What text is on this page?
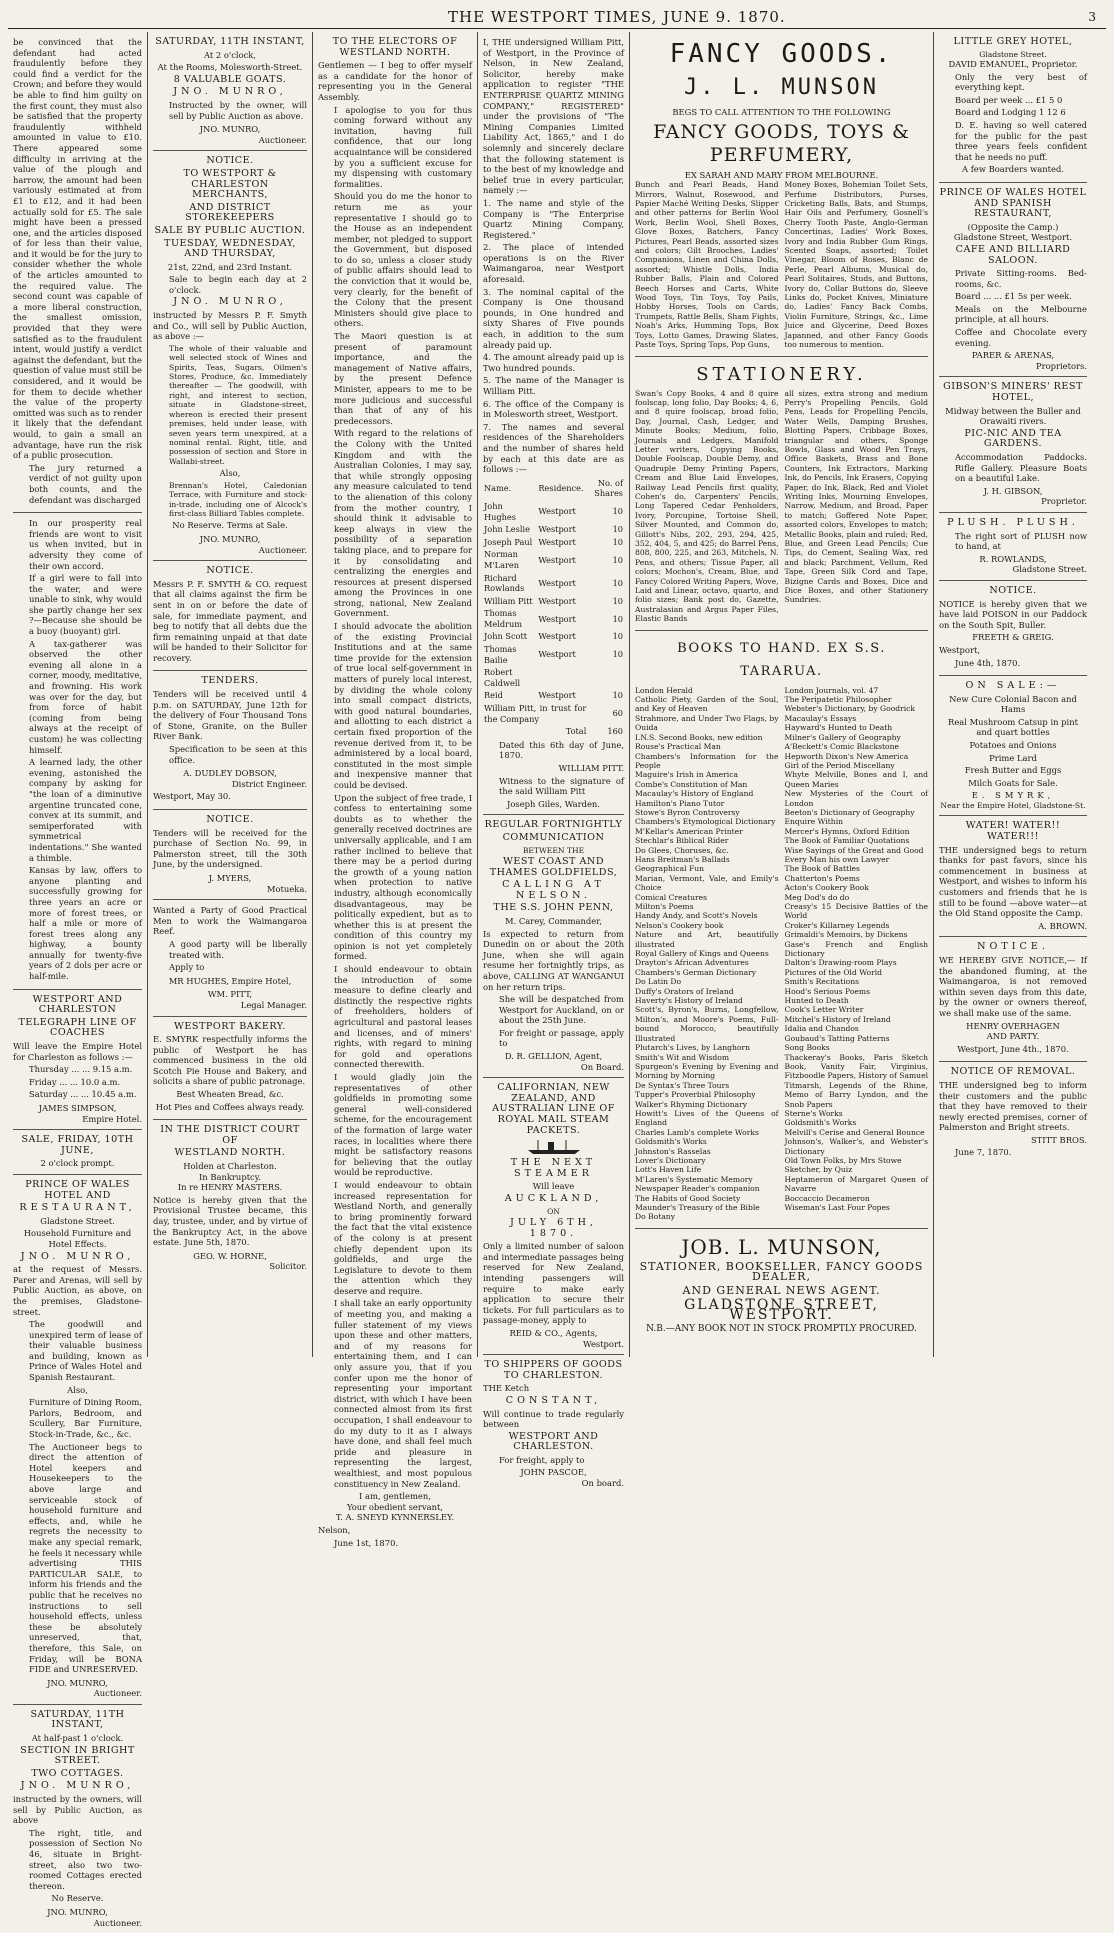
THE WESTPORT TIMES, JUNE 9. 1870.	3

be convinced that the defendant had acted fraudulently before they could find a verdict for the Crown; and before they would be able to find him guilty on the first count, they must also be satisfied that the property fraudulently withheld amounted in value to £10. There appeared some difficulty in arriving at the value of the plough and harrow, the amount had been variously estimated at from £1 to £12, and it had been actually sold for £5. The sale might have been a pressed one, and the articles disposed of for less than their value, and it would be for the jury to consider whether the whole of the articles amounted to the required value. The second count was capable of a more liberal construction, the smallest omission, provided that they were satisfied as to the fraudulent intent, would justify a verdict against the defendant, but the question of value must still be considered, and it would be for them to decide whether the value of the property omitted was such as to render it likely that the defendant would, to gain a small an advantage, have run the risk of a public prosecution.

The jury returned a verdict of not guilty upon both counts, and the defendant was discharged

In our prosperity real friends are wont to visit us when invited, but in adversity they come of their own accord.

If a girl were to fall into the water, and were unable to sink, why would she partly change her sex ?—Because she should be a buoy (buoyant) girl.

A tax-gatherer was observed the other evening all alone in a corner, moody, meditative, and frowning. His work was over for the day, but from force of habit (coming from being always at the receipt of custom) he was collecting himself.

A learned lady, the other evening, astonished the company by asking for "the loan of a diminutive argentine truncated cone, convex at its summit, and semiperforated with symmetrical indentations." She wanted a thimble.

Kansas by law, offers to anyone planting and successfully growing for three years an acre or more of forest trees, or half a mile or more of forest trees along any highway, a bounty annually for twenty-five years of 2 dols per acre or half-mile.

WESTPORT AND CHARLESTON
TELEGRAPH LINE OF COACHES

Will leave the Empire Hotel for Charleston as follows :—

Thursday ... ... 9.15 a.m.

Friday ... ... 10.0 a.m.

Saturday ... ... 10.45 a.m.

JAMES SIMPSON,
Empire Hotel.
SALE, FRIDAY, 10TH JUNE,
2 o'clock prompt.
PRINCE OF WALES HOTEL AND
RESTAURANT,
Gladstone Street.

Household Furniture and Hotel Effects.

JNO. MUNRO,

at the request of Messrs. Parer and Arenas, will sell by Public Auction, as above, on the premises, Gladstone-street.

The goodwill and unexpired term of lease of their valuable business and building, known as Prince of Wales Hotel and Spanish Restaurant.

Also,

Furniture of Dining Room, Parlors, Bedroom, and Scullery, Bar Furniture, Stock-in-Trade, &c., &c.

The Auctioneer begs to direct the attention of Hotel keepers and Housekeepers to the above large and serviceable stock of household furniture and effects, and, while he regrets the necessity to make any special remark, he feels it necessary while advertising THIS PARTICULAR SALE, to inform his friends and the public that he receives no instructions to sell household effects, unless these be absolutely unreserved, that, therefore, this Sale, on Friday, will be BONA FIDE and UNRESERVED.

JNO. MUNRO,
Auctioneer.
SATURDAY, 11TH INSTANT,
At half-past 1 o'clock.
SECTION IN BRIGHT STREET.
TWO COTTAGES.
JNO. MUNRO,

instructed by the owners, will sell by Public Auction, as above

The right, title, and possession of Section No 46, situate in Bright-street, also two two-roomed Cottages erected thereon.

No Reserve.
JNO. MUNRO,
Auctioneer.
SATURDAY, 11TH INSTANT,
At 2 o'clock,

At the Rooms, Molesworth-Street.

8 VALUABLE GOATS.
JNO. MUNRO,

Instructed by the owner, will sell by Public Auction as above.

JNO. MUNRO,
Auctioneer.
NOTICE.
TO WESTPORT & CHARLESTON MERCHANTS,
AND DISTRICT STOREKEEPERS
SALE BY PUBLIC AUCTION.
TUESDAY, WEDNESDAY, AND THURSDAY,
21st, 22nd, and 23rd Instant.

Sale to begin each day at 2 o'clock.

JNO. MUNRO,

instructed by Messrs P. F. Smyth and Co., will sell by Public Auction, as above :—

The whole of their valuable and well selected stock of Wines and Spirits, Teas, Sugars, Oilmen's Stores, Produce, &c. Immediately thereafter — The goodwill, with right, and interest to section, situate in Gladstone-street, whereon is erected their present premises, held under lease, with seven years term unexpired, at a nominal rental. Right, title, and possession of section and Store in Wallabi-street.

Also,

Brennan's Hotel, Caledonian Terrace, with Furniture and stock-in-trade, including one of Alcock's first-class Billiard Tables complete.

No Reserve. Terms at Sale.

JNO. MUNRO,
Auctioneer.
NOTICE.

Messrs P. F. SMYTH & CO. request that all claims against the firm be sent in on or before the date of sale, for immediate payment, and beg to notify that all debts due the firm remaining unpaid at that date will be handed to their Solicitor for recovery.

TENDERS.

Tenders will be received until 4 p.m. on SATURDAY, June 12th for the delivery of Four Thousand Tons of Stone, Granite, on the Buller River Bank.

Specification to be seen at this office.

A. DUDLEY DOBSON,
District Engineer.

Westport, May 30.

NOTICE.

Tenders will be received for the purchase of Section No. 99, in Palmerston street, till the 30th June, by the undersigned.

J. MYERS,
Motueka.

Wanted a Party of Good Practical Men to work the Waimangaroa Reef.

A good party will be liberally treated with.

Apply to

MR HUGHES, Empire Hotel,
WM. PITT,
Legal Manager.
WESTPORT BAKERY.

E. SMYRK respectfully informs the public of Westport he has commenced business in the old Scotch Pie House and Bakery, and solicits a share of public patronage.

Best Wheaten Bread, &c.

Hot Pies and Coffees always ready.

IN THE DISTRICT COURT OF
WESTLAND NORTH.
Holden at Charleston.
In Bankruptcy.
In re HENRY MASTERS.

Notice is hereby given that the Provisional Trustee became, this day, trustee, under, and by virtue of the Bankruptcy Act, in the above estate. June 5th, 1870.

GEO. W. HORNE,
Solicitor.
TO THE ELECTORS OF WESTLAND NORTH.

Gentlemen — I beg to offer myself as a candidate for the honor of representing you in the General Assembly.

I apologise to you for thus coming forward without any invitation, having full confidence, that our long acquaintance will be considered by you a sufficient excuse for my dispensing with customary formalities.

Should you do me the honor to return me as your representative I should go to the House as an independent member, not pledged to support the Government, but disposed to do so, unless a closer study of public affairs should lead to the conviction that it would be, very clearly, for the benefit of the Colony that the present Ministers should give place to others.

The Maori question is at present of paramount importance, and the management of Native affairs, by the present Defence Minister, appears to me to be more judicious and successful than that of any of his predecessors.

With regard to the relations of the Colony with the United Kingdom and with the Australian Colonies, I may say, that while strongly opposing any measure calculated to tend to the alienation of this colony from the mother country, I should think it advisable to keep always in view the possibility of a separation taking place, and to prepare for it by consolidating and centralizing the energies and resources at present dispersed among the Provinces in one strong, national, New Zealand Government.

I should advocate the abolition of the existing Provincial Institutions and at the same time provide for the extension of true local self-government in matters of purely local interest, by dividing the whole colony into small compact districts, with good natural boundaries, and allotting to each district a certain fixed proportion of the revenue derived from it, to be administered by a local board, constituted in the most simple and inexpensive manner that could be devised.

Upon the subject of free trade, I confess to entertaining some doubts as to whether the generally received doctrines are universally applicable, and I am rather inclined to believe that there may be a period during the growth of a young nation when protection to native industry, although economically disadvantageous, may be politically expedient, but as to whether this is at present the condition of this country my opinion is not yet completely formed.

I should endeavour to obtain the introduction of some measure to define clearly and distinctly the respective rights of freeholders, holders of agricultural and pastoral leases and licenses, and of miners' rights, with regard to mining for gold and operations connected therewith.

I would gladly join the representatives of other goldfields in promoting some general well-considered scheme, for the encouragement of the formation of large water races, in localities where there might be satisfactory reasons for believing that the outlay would be reproductive.

I would endeavour to obtain increased representation for Westland North, and generally to bring prominently forward the fact that the vital existence of the colony is at present chiefly dependent upon its goldfields, and urge the Legislature to devote to them the attention which they deserve and require.

I shall take an early opportunity of meeting you, and making a fuller statement of my views upon these and other matters, and of my reasons for entertaining them, and I can only assure you, that if you confer upon me the honor of representing your important district, with which I have been connected almost from its first occupation, I shall endeavour to do my duty to it as I always have done, and shall feel much pride and pleasure in representing the largest, wealthiest, and most populous constituency in New Zealand.

I am, gentlemen,
Your obedient servant,
T. A. SNEYD KYNNERSLEY.

Nelson,

June 1st, 1870.

I, THE undersigned William Pitt, of Westport, in the Province of Nelson, in New Zealand, Solicitor, hereby make application to register "THE ENTERPRISE QUARTZ MINING COMPANY," REGISTERED" under the provisions of "The Mining Companies Limited Liability Act, 1865," and I do solemnly and sincerely declare that the following statement is to the best of my knowledge and belief true in every particular, namely :—

1. The name and style of the Company is "The Enterprise Quartz Mining Company, Registered."

2. The place of intended operations is on the River Waimangaroa, near Westport aforesaid.

3. The nominal capital of the Company is One thousand pounds, in One hundred and sixty Shares of Five pounds each, in addition to the sum already paid up.

4. The amount already paid up is Two hundred pounds.

5. The name of the Manager is William Pitt.

6. The office of the Company is in Molesworth street, Westport.

7. The names and several residences of the Shareholders and the number of shares held by each at this date are as follows :—

Name.	Residence.	No. of Shares
John Hughes	Westport	10
John Leslie	Westport	10
Joseph Paul	Westport	10
Norman M'Laren	Westport	10
Richard Rowlands	Westport	10
William Pitt	Westport	10
Thomas Meldrum	Westport	10
John Scott	Westport	10
Thomas Bailie	Westport	10
Robert Caldwell		
Reid	Westport	10
William Pitt, in trust for the Company		60
	Total	160

Dated this 6th day of June, 1870.

WILLIAM PITT.

Witness to the signature of the said William Pitt

Joseph Giles, Warden.
REGULAR FORTNIGHTLY
COMMUNICATION
BETWEEN THE
WEST COAST AND THAMES GOLDFIELDS,
CALLING AT NELSON.
THE S.S. JOHN PENN,
M. Carey, Commander,

Is expected to return from Dunedin on or about the 20th June, when she will again resume her fortnightly trips, as above, CALLING AT WANGANUI on her return trips.

She will be despatched from Westport for Auckland, on or about the 25th June.

For freight or passage, apply to

D. R. GELLION, Agent,
On Board.
CALIFORNIAN, NEW ZEALAND, AND AUSTRALIAN LINE OF ROYAL MAIL STEAM PACKETS.
THE NEXT STEAMER
Will leave
AUCKLAND,
ON
JULY 6TH, 1870.

Only a limited number of saloon and intermediate passages being reserved for New Zealand, intending passengers will require to make early application to secure their tickets. For full particulars as to passage-money, apply to

REID & CO., Agents,
Westport.
TO SHIPPERS OF GOODS TO CHARLESTON.
THE Ketch
CONSTANT,

Will continue to trade regularly between

WESTPORT AND CHARLESTON.

For freight, apply to

JOHN PASCOE,
On board.
FANCY GOODS.
J. L. MUNSON
BEGS TO CALL ATTENTION TO THE FOLLOWING
FANCY GOODS, TOYS & PERFUMERY,
EX SARAH AND MARY FROM MELBOURNE.
Bunch and Pearl Beads, Hand Mirrors, Walnut, Rosewood, and Papier Maché Writing Desks, Slipper and other patterns for Berlin Wool Work, Berlin Wool, Shell Boxes, Glove Boxes, Batchers, Fancy Pictures, Pearl Beads, assorted sizes and colors; Gilt Brooches, Ladies' Companions, Linen and China Dolls, assorted; Whistle Dolls, India Rubber Balls, Plain and Colored Beech Horses and Carts, White Wood Toys, Tin Toys, Toy Pails, Hobby Horses, Tools on Cards, Trumpets, Rattle Bells, Sham Fights, Noah's Arks, Humming Tops, Box Toys, Lotto Games, Drawing Slates, Paste Toys, Spring Tops, Pop Guns,
Money Boxes, Bohemian Toilet Sets, Perfume Distributors, Purses, Cricketing Balls, Bats, and Stumps, Hair Oils and Perfumery, Gosnell's Cherry Tooth Paste, Anglo-German Concertinas, Ladies' Work Boxes, Ivory and India Rubber Gum Rings, Scented Soaps, assorted; Toilet Vinegar, Bloom of Roses, Blanc de Perle, Pearl Albums, Musical do, Pearl Solitaires, Studs, and Buttons, Ivory do, Collar Buttons do, Sleeve Links do, Pocket Knives, Miniature do, Ladies' Fancy Back Combs, Violin Furniture, Strings, &c., Lime Juice and Glycerine, Deed Boxes Japanned, and other Fancy Goods too numerous to mention.
STATIONERY.
Swan's Copy Books, 4 and 8 quire foolscap, long folio, Day Books; 4, 6, and 8 quire foolscap, broad folio, Day, Journal, Cash, Ledger, and Minute Books; Medium, folio, Journals and Ledgers, Manifold Letter writers, Copying Books, Double Foolscap, Double Demy, and Quadruple Demy Printing Papers, Cream and Blue Laid Envelopes, Railway Lead Pencils first quality, Cohen's do, Carpenters' Pencils, Long Tapered Cedar Penholders, Ivory, Porcupine, Tortoise Shell, Silver Mounted, and Common do, Gillott's Nibs, 202, 293, 294, 425, 352, 404, 5, and 425; do Barrel Pens, 808, 800, 225, and 263, Mitchels, N. Pens, and others; Tissue Paper, all colors; Mochon's, Cream, Blue, and Fancy Colored Writing Papers, Wove, Laid and Linear, octavo, quarto, and folio sizes; Bank post do, Gazette, Australasian and Argus Paper Files, Elastic Bands
all sizes, extra strong and medium Perry's Propelling Pencils, Gold Pens, Leads for Propelling Pencils, Water Wells, Damping Brushes, Blotting Papers, Cribbage Boxes, triangular and others, Sponge Bowls, Glass and Wood Pen Trays, Office Baskets, Brass and Bone Counters, Ink Extractors, Marking Ink, do Pencils, Ink Erasers, Copying Paper, do Ink, Black, Red and Violet Writing Inks, Mourning Envelopes, Narrow, Medium, and Broad, Paper to match; Goffered Note Paper, assorted colors, Envelopes to match; Metallic Books, plain and ruled; Red, Blue, and Green Lead Pencils; Cue Tips, do Cement, Sealing Wax, red and black; Parchment, Vellum, Red Tape, Green Silk Cord and Tape, Bizigne Cards and Boxes, Dice and Dice Boxes, and other Stationery Sundries.
BOOKS TO HAND. EX S.S. TARARUA.
London Herald
Catholic Piety, Garden of the Soul, and Key of Heaven
Strahmore, and Under Two Flags, by Ouida
I.N.S. Second Books, new edition
Rouse's Practical Man
Chambers's Information for the People
Maguire's Irish in America
Combe's Constitution of Man
Macaulay's History of England
Hamilton's Piano Tutor
Stowe's Byron Controversy
Chambers's Etymological Dictionary
M'Kellar's American Printer
Stechlar's Biblical Rider
Do Glees, Choruses, &c.
Hans Breitman's Ballads
Geographical Fun
Marian, Vermont, Vale, and Emily's Choice
Comical Creatures
Milton's Poems
Handy Andy, and Scott's Novels
Nelson's Cookery book
Nature and Art, beautifully illustrated
Royal Gallery of Kings and Queens
Drayton's African Adventures
Chambers's German Dictionary
Do Latin Do
Duffy's Orators of Ireland
Haverty's History of Ireland
Scott's, Byron's, Burns, Longfellow, Milton's, and Moore's Poems, Full-bound Morocco, beautifully Illustrated
Plutarch's Lives, by Langhorn
Smith's Wit and Wisdom
Spurgeon's Evening by Evening and Morning by Morning
De Syntax's Three Tours
Tupper's Proverbial Philosophy
Walker's Rhyming Dictionary
Howitt's Lives of the Queens of England
Charles Lamb's complete Works
Goldsmith's Works
Johnston's Rasselas
Lover's Dictionary
Lott's Haven Life
M'Laren's Systematic Memory
Newspaper Reader's companion
The Habits of Good Society
Maunder's Treasury of the Bible
Do Botany
London Journals, vol. 47
The Peripatetic Philosopher
Webster's Dictionary, by Goodrick
Macaulay's Essays
Hayward's Hunted to Death
Milner's Gallery of Geography
A'Beckett's Comic Blackstone
Hepworth Dixon's New America
Girl of the Period Miscellany
Whyte Melville, Bones and I, and Queen Maries
New Mysteries of the Court of London
Beeton's Dictionary of Geography
Enquire Within
Mercer's Hymns, Oxford Edition
The Book of Familiar Quotations
Wise Sayings of the Great and Good
Every Man his own Lawyer
The Book of Battles
Chatterton's Poems
Acton's Cookery Book
Meg Dod's do do
Creasy's 15 Decisive Battles of the World
Croker's Killarney Legends
Grimaldi's Memoirs, by Dickens
Gase's French and English Dictionary
Dalton's Drawing-room Plays
Pictures of the Old World
Smith's Recitations
Hood's Serious Poems
Hunted to Death
Cook's Letter Writer
Mitchel's History of Ireland
Idalia and Chandos
Goubaud's Tatting Patterns
Song Books
Thackeray's Books, Paris Sketch Book, Vanity Fair, Virginius, Fitzboodle Papers, History of Samuel Titmarsh, Legends of the Rhine, Memo of Barry Lyndon, and the Snob Papers
Sterne's Works
Goldsmith's Works
Melvill's Cerise and General Bounce
Johnson's, Walker's, and Webster's Dictionary
Old Town Folks, by Mrs Stowe
Sketcher, by Quiz
Heptameron of Margaret Queen of Navarre
Boccaccio Decameron
Wiseman's Last Four Popes
JOB. L. MUNSON,
STATIONER, BOOKSELLER, FANCY GOODS DEALER,
AND GENERAL NEWS AGENT.
GLADSTONE STREET, WESTPORT.
N.B.—ANY BOOK NOT IN STOCK PROMPTLY PROCURED.
LITTLE GREY HOTEL,
Gladstone Street.
DAVID EMANUEL, Proprietor.

Only the very best of everything kept.

Board per week ... £1 5 0

Board and Lodging 1 12 6

D. E. having so well catered for the public for the past three years feels confident that he needs no puff.

A few Boarders wanted.

PRINCE OF WALES HOTEL AND SPANISH RESTAURANT,
(Opposite the Camp.)
Gladstone Street, Westport.
CAFE AND BILLIARD SALOON.

Private Sitting-rooms. Bed-rooms, &c.

Board ... ... £1 5s per week.

Meals on the Melbourne principle, at all hours.

Coffee and Chocolate every evening.

PARER & ARENAS,
Proprietors.
GIBSON'S MINERS' REST HOTEL,

Midway between the Buller and Orawaiti rivers.

PIC-NIC AND TEA GARDENS.

Accommodation Paddocks. Rifle Gallery. Pleasure Boats on a beautiful Lake.

J. H. GIBSON,
Proprietor.
PLUSH. PLUSH.

The right sort of PLUSH now to hand, at

R. ROWLANDS,
Gladstone Street.
NOTICE.

NOTICE is hereby given that we have laid POISON in our Paddock on the South Spit, Buller.

FREETH & GREIG.

Westport,

June 4th, 1870.

ON SALE:—

New Cure Colonial Bacon and Hams

Real Mushroom Catsup in pint and quart bottles

Potatoes and Onions

Prime Lard

Fresh Butter and Eggs

Milch Goats for Sale.

E. SMYRK,
Near the Empire Hotel, Gladstone-St.
WATER! WATER!! WATER!!!

THE undersigned begs to return thanks for past favors, since his commencement in business at Westport, and wishes to inform his customers and friends that he is still to be found —above water—at the Old Stand opposite the Camp.

A. BROWN.
NOTICE.

WE HEREBY GIVE NOTICE,— If the abandoned fluming, at the Waimangaroa, is not removed within seven days from this date, by the owner or owners thereof, we shall make use of the same.

HENRY OVERHAGEN
AND PARTY.

Westport, June 4th., 1870.

NOTICE OF REMOVAL.

THE undersigned beg to inform their customers and the public that they have removed to their newly erected premises, corner of Palmerston and Bright streets.

STITT BROS.

June 7, 1870.
